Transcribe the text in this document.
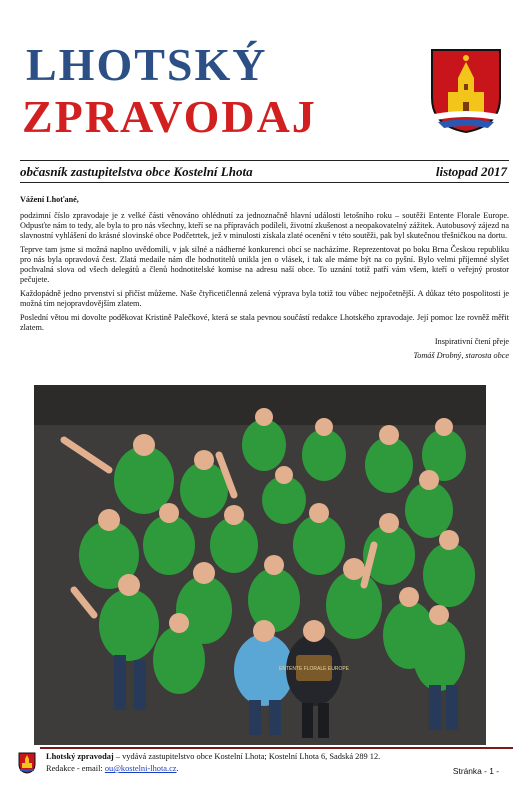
LHOTSKÝ
ZPRAVODAJ
občasník zastupitelstva obce Kostelní Lhota	listopad 2017

Vážení Lhoťané,

podzimní číslo zpravodaje je z velké části věnováno ohlédnutí za jednoznačně hlavní události letošního roku – soutěži Entente Florale Europe. Odpusťte nám to tedy, ale byla to pro nás všechny, kteří se na přípravách podíleli, životní zkušenost a neopakovatelný zážitek. Autobusový zájezd na slavnostní vyhlášení do krásné slovinské obce Podčetrtek, jež v minulosti získala zlaté ocenění v této soutěži, pak byl skutečnou třešničkou na dortu.

Teprve tam jsme si možná naplno uvědomili, v jak silné a nádherné konkurenci obcí se nacházíme. Reprezentovat po boku Brna Českou republiku pro nás byla opravdová čest. Zlatá medaile nám dle hodnotitelů unikla jen o vlásek, i tak ale máme být na co pyšní. Bylo velmi příjemné slyšet pochvalná slova od všech delegátů a členů hodnotitelské komise na adresu naší obce. To uznání totiž patří vám všem, kteří o veřejný prostor pečujete.

Každopádně jedno prvenství si přičíst můžeme. Naše čtyřicetičlenná zelená výprava byla totiž tou vůbec nejpočetnější. A důkaz této pospolitosti je možná tím nejopravdovějším zlatem.

Poslední větou mi dovolte poděkovat Kristině Palečkové, která se stala pevnou součástí redakce Lhotského zpravodaje. Její pomoc lze rovněž měřit zlatem.

Inspirativní čtení přeje

Tomáš Drobný, starosta obce

ENTENTE FLORALE EUROPE
Lhotský zpravodaj – vydává zastupitelstvo obce Kostelní Lhota; Kostelní Lhota 6, Sadská 289 12.
Redakce - email: ou@kostelni-lhota.cz.	Stránka - 1 -
